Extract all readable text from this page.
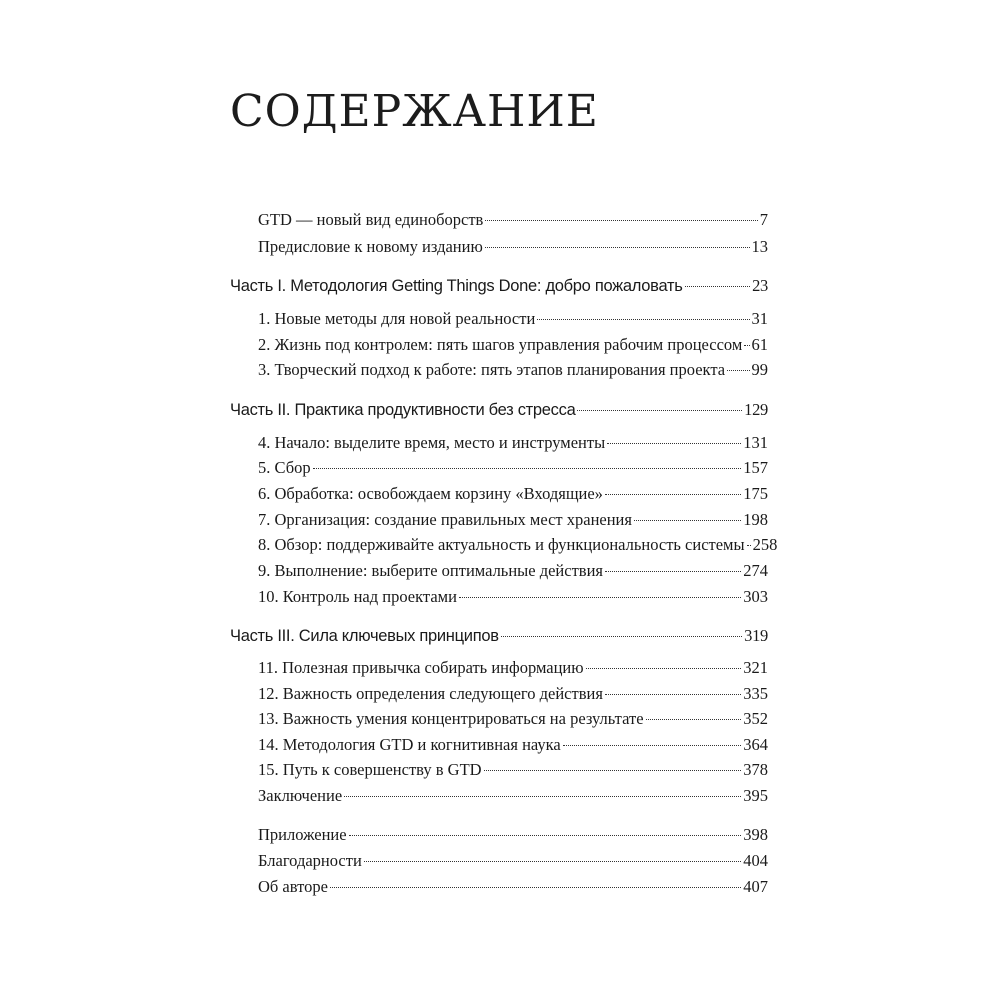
СОДЕРЖАНИЕ
GTD — новый вид единоборств	7
Предисловие к новому изданию	13
Часть I. Методология Getting Things Done: добро пожаловать	23
1. Новые методы для новой реальности	31
2. Жизнь под контролем: пять шагов управления рабочим процессом 61
3. Творческий подход к работе: пять этапов планирования проекта 99
Часть II. Практика продуктивности без стресса	129
4. Начало: выделите время, место и инструменты	131
5. Сбор	157
6. Обработка: освобождаем корзину «Входящие»	175
7. Организация: создание правильных мест хранения	198
8. Обзор: поддерживайте актуальность и функциональность системы 258
9. Выполнение: выберите оптимальные действия	274
10. Контроль над проектами	303
Часть III. Сила ключевых принципов	319
11. Полезная привычка собирать информацию	321
12. Важность определения следующего действия	335
13. Важность умения концентрироваться на результате	352
14. Методология GTD и когнитивная наука	364
15. Путь к совершенству в GTD	378
Заключение	395
Приложение	398
Благодарности	404
Об авторе	407
